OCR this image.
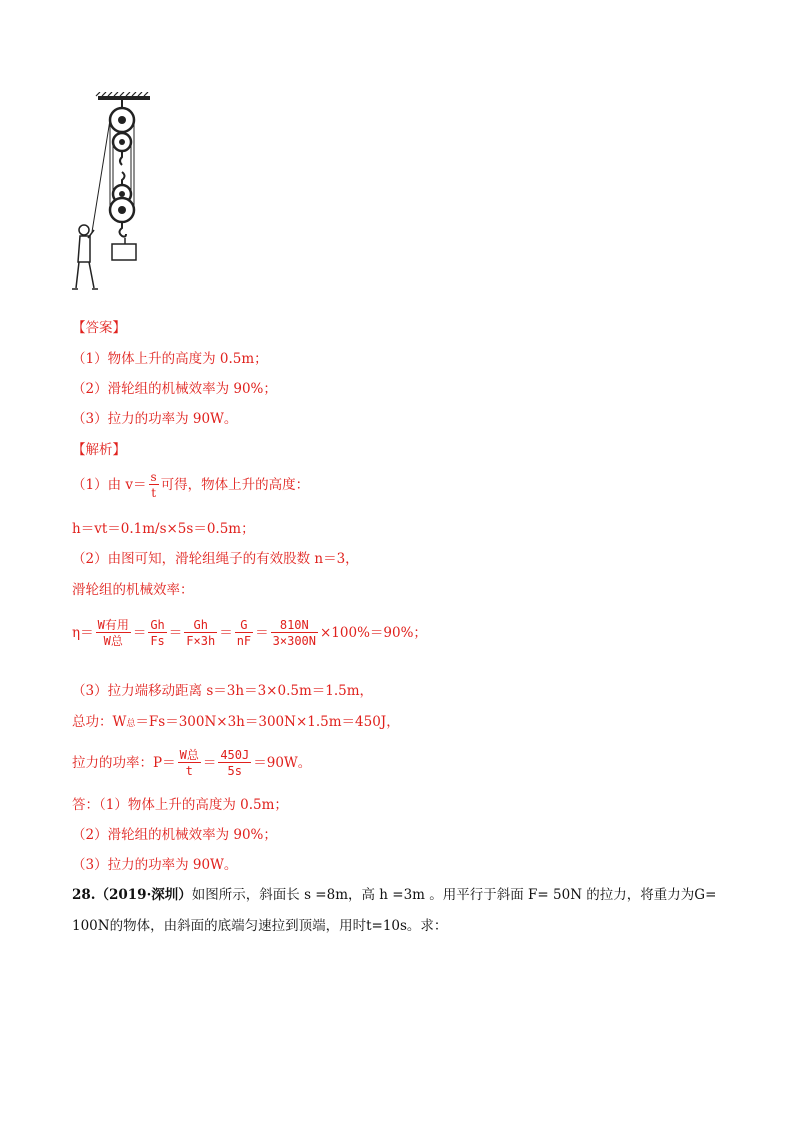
【答案】
（1）物体上升的高度为 0.5m；
（2）滑轮组的机械效率为 90%；
（3）拉力的功率为 90W。
【解析】
（1）由 $v= \frac{s}{t}$ 可得，物体上升的高度：
h＝vt＝0.1m/s×5s＝0.5m；
（2）由图可知，滑轮组绳子的有效股数 n＝3，
滑轮组的机械效率：
$\eta= \frac{\text{W有用}}{\text{W总}} = \frac{Gh}{Fs} = \frac{Gh}{F\times 3h} = \frac{G}{nF} = \frac{810N}{3\times 300N} \times 100\%=90\%$；
（3）拉力端移动距离 s＝3h＝3×0.5m＝1.5m，
总功：W总＝Fs＝300N×3h＝300N×1.5m＝450J，
拉力的功率：$P= \frac{\text{W总}}{t} = \frac{450J}{5s} =90W$。
答：（1）物体上升的高度为 0.5m；
（2）滑轮组的机械效率为 90%；
（3）拉力的功率为 90W。
28.（2019·深圳）如图所示，斜面长 s =8m，高 h =3m 。用平行于斜面 F= 50N 的拉力，将重力为G=
100N的物体，由斜面的底端匀速拉到顶端，用时t=10s。求：
